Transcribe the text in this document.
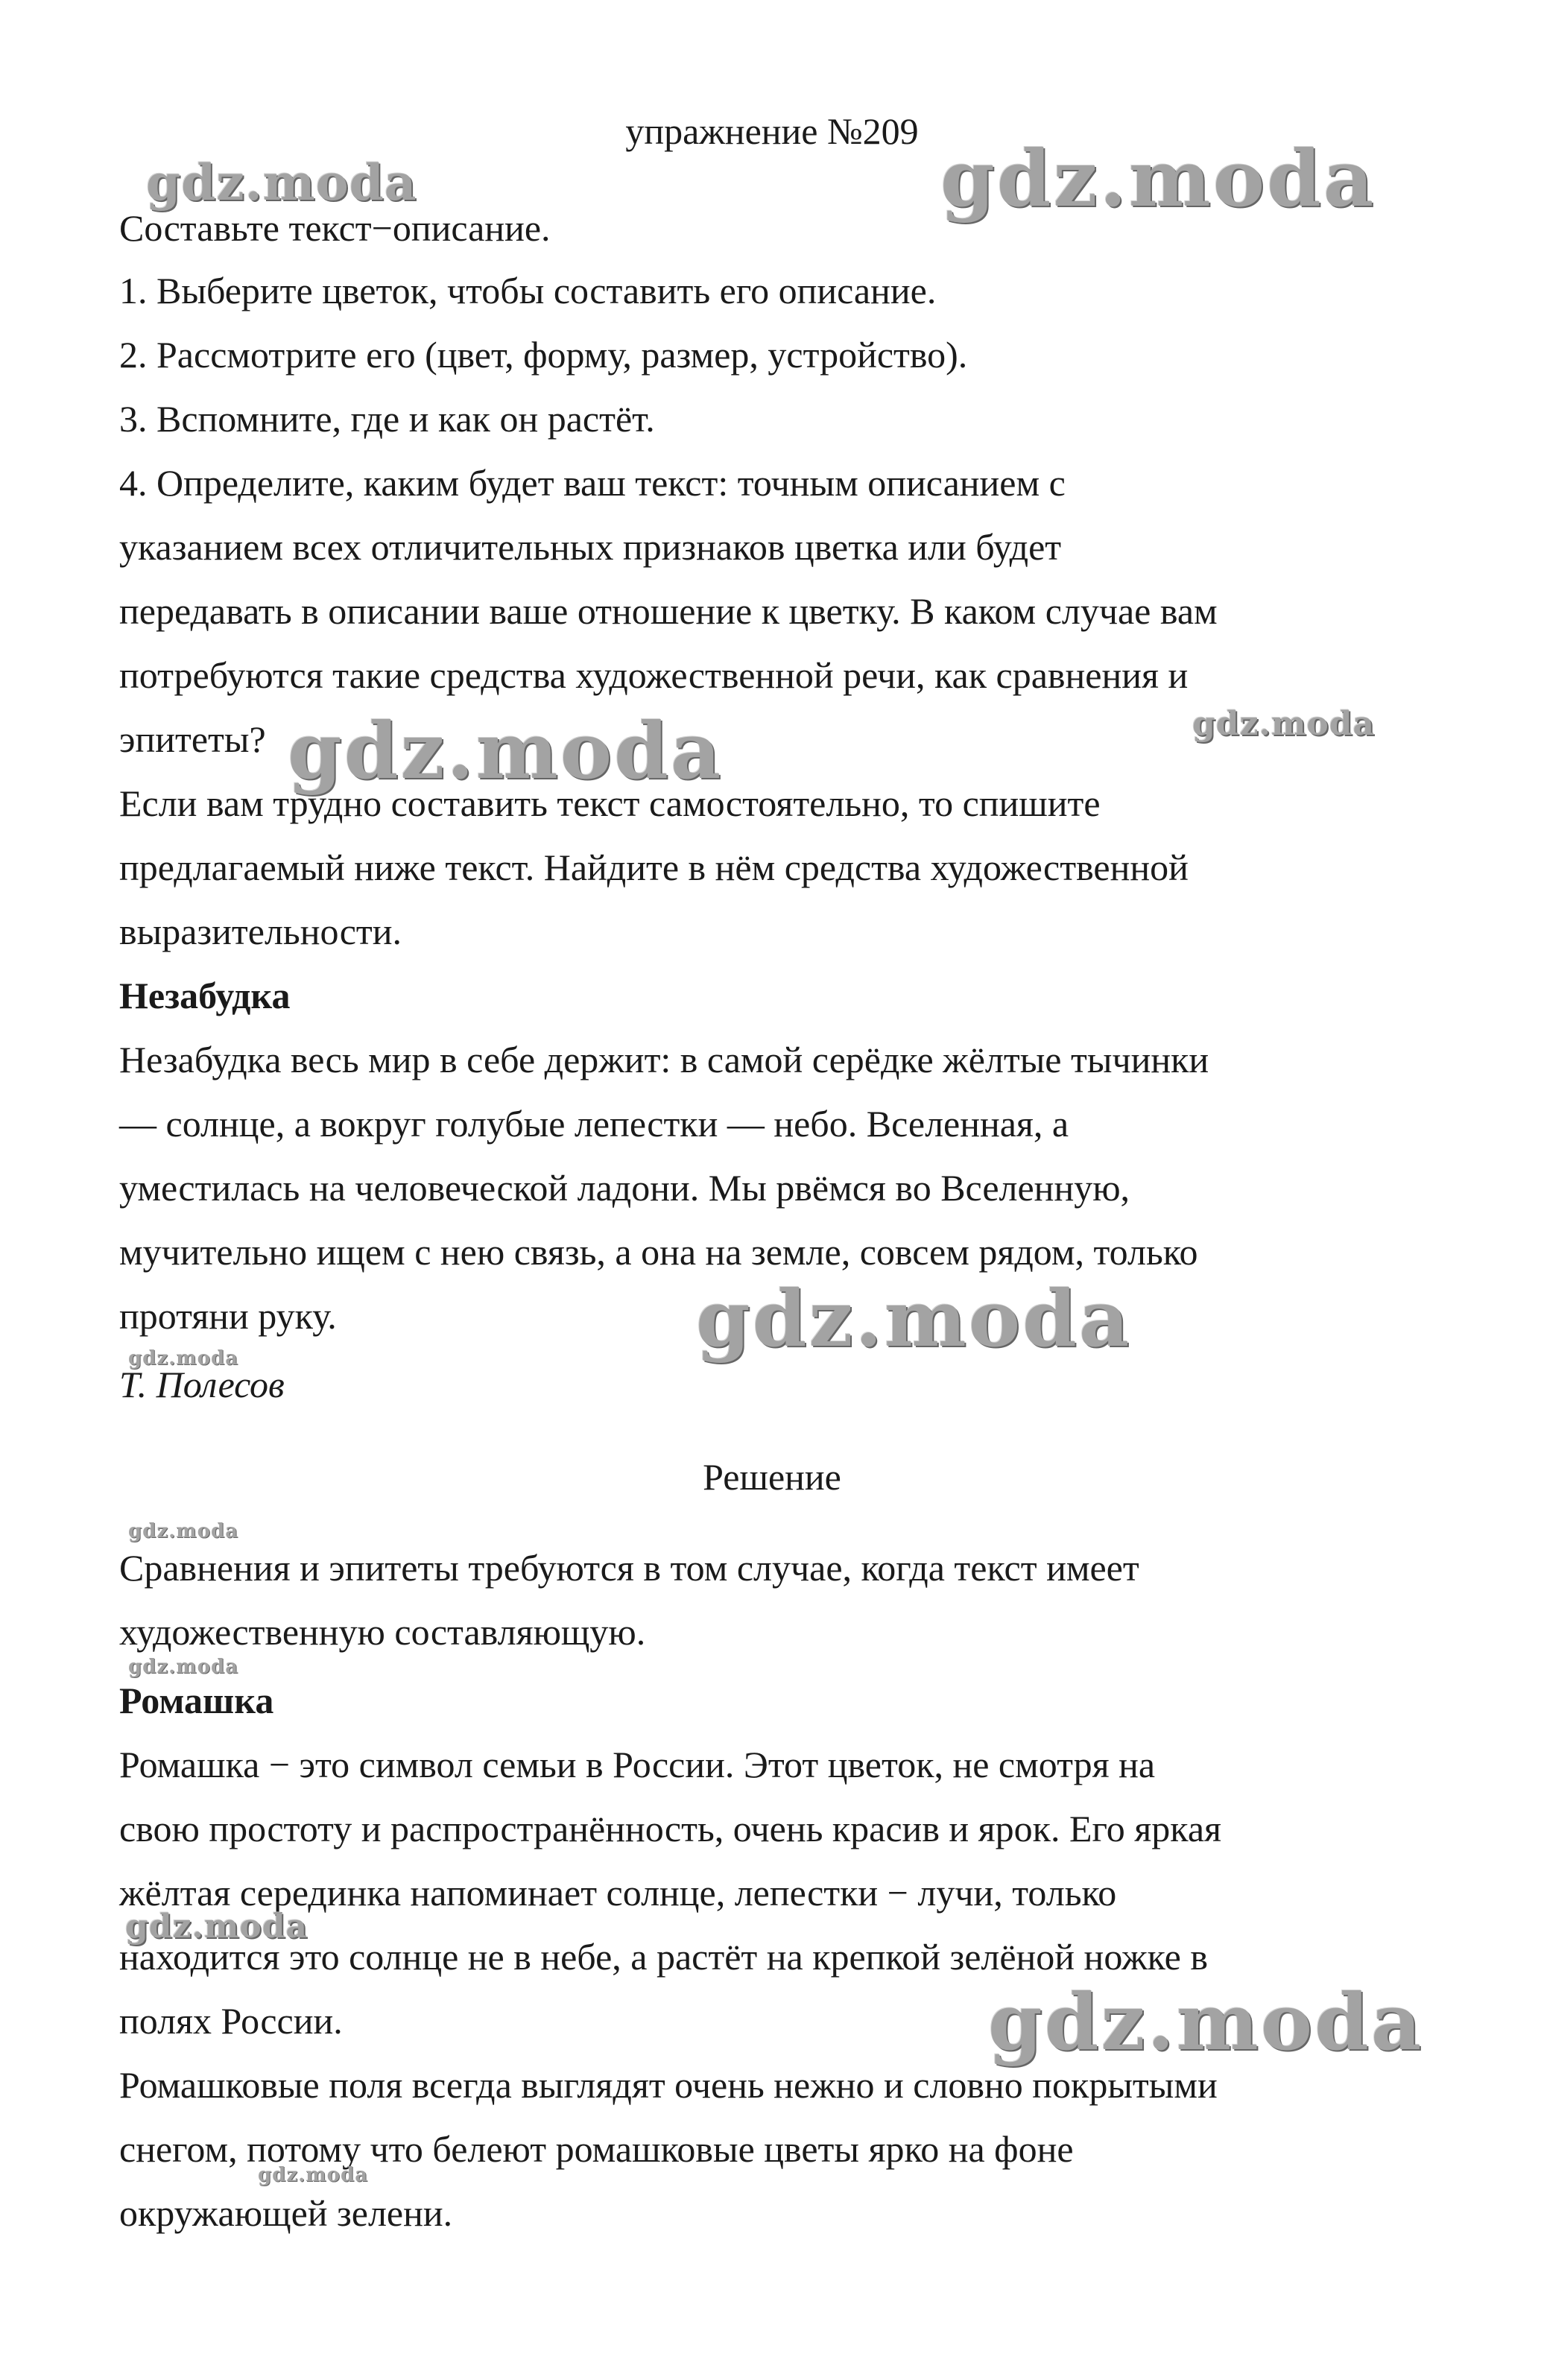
упражнение №209
Составьте текст−описание.
1. Выберите цветок, чтобы составить его описание.
2. Рассмотрите его (цвет, форму, размер, устройство).
3. Вспомните, где и как он растёт.
4. Определите, каким будет ваш текст: точным описанием с
указанием всех отличительных признаков цветка или будет
передавать в описании ваше отношение к цветку. В каком случае вам
потребуются такие средства художественной речи, как сравнения и
эпитеты?
Если вам трудно составить текст самостоятельно, то спишите
предлагаемый ниже текст. Найдите в нём средства художественной
выразительности.
Незабудка
Незабудка весь мир в себе держит: в самой серёдке жёлтые тычинки
— солнце, а вокруг голубые лепестки — небо. Вселенная, а
уместилась на человеческой ладони. Мы рвёмся во Вселенную,
мучительно ищем с нею связь, а она на земле, совсем рядом, только
протяни руку.
Т. Полесов
Решение
Сравнения и эпитеты требуются в том случае, когда текст имеет
художественную составляющую.
Ромашка
Ромашка − это символ семьи в России. Этот цветок, не смотря на
свою простоту и распространённость, очень красив и ярок. Его яркая
жёлтая серединка напоминает солнце, лепестки − лучи, только
находится это солнце не в небе, а растёт на крепкой зелёной ножке в
полях России.
Ромашковые поля всегда выглядят очень нежно и словно покрытыми
снегом, потому что белеют ромашковые цветы ярко на фоне
окружающей зелени.
gdz.moda	gdz.moda
gdz.moda	gdz.moda
gdz.moda
gdz.moda
gdz.moda
gdz.moda
gdz.moda
gdz.moda
gdz.moda
